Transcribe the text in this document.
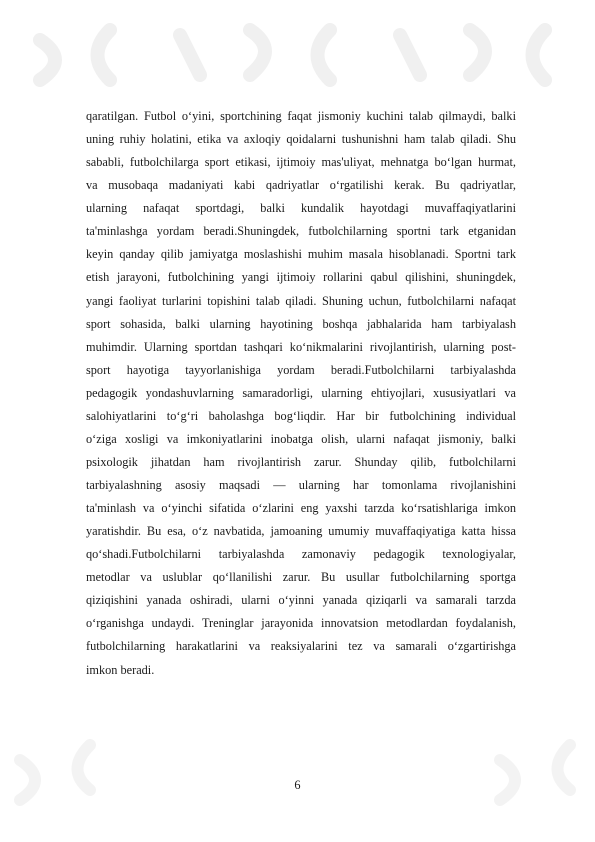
qaratilgan. Futbol o‘yini, sportchining faqat jismoniy kuchini talab qilmaydi, balki
uning ruhiy holatini, etika va axloqiy qoidalarni tushunishni ham talab qiladi. Shu
sababli, futbolchilarga sport etikasi, ijtimoiy mas'uliyat, mehnatga bo‘lgan hurmat,
va musobaqa madaniyati kabi qadriyatlar o‘rgatilishi kerak. Bu qadriyatlar,
ularning nafaqat sportdagi, balki kundalik hayotdagi muvaffaqiyatlarini
ta'minlashga yordam beradi.Shuningdek, futbolchilarning sportni tark etganidan
keyin qanday qilib jamiyatga moslashishi muhim masala hisoblanadi. Sportni tark
etish jarayoni, futbolchining yangi ijtimoiy rollarini qabul qilishini, shuningdek,
yangi faoliyat turlarini topishini talab qiladi. Shuning uchun, futbolchilarni nafaqat
sport sohasida, balki ularning hayotining boshqa jabhalarida ham tarbiyalash
muhimdir. Ularning sportdan tashqari ko‘nikmalarini rivojlantirish, ularning post-
sport hayotiga tayyorlanishiga yordam beradi.Futbolchilarni tarbiyalashda
pedagogik yondashuvlarning samaradorligi, ularning ehtiyojlari, xususiyatlari va
salohiyatlarini to‘g‘ri baholashga bog‘liqdir. Har bir futbolchining individual
o‘ziga xosligi va imkoniyatlarini inobatga olish, ularni nafaqat jismoniy, balki
psixologik jihatdan ham rivojlantirish zarur. Shunday qilib, futbolchilarni
tarbiyalashning asosiy maqsadi — ularning har tomonlama rivojlanishini
ta'minlash va o‘yinchi sifatida o‘zlarini eng yaxshi tarzda ko‘rsatishlariga imkon
yaratishdir. Bu esa, o‘z navbatida, jamoaning umumiy muvaffaqiyatiga katta hissa
qo‘shadi.Futbolchilarni tarbiyalashda zamonaviy pedagogik texnologiyalar,
metodlar va uslublar qo‘llanilishi zarur. Bu usullar futbolchilarning sportga
qiziqishini yanada oshiradi, ularni o‘yinni yanada qiziqarli va samarali tarzda
o‘rganishga undaydi. Treninglar jarayonida innovatsion metodlardan foydalanish,
futbolchilarning harakatlarini va reaksiyalarini tez va samarali o‘zgartirishga
imkon beradi.
6
